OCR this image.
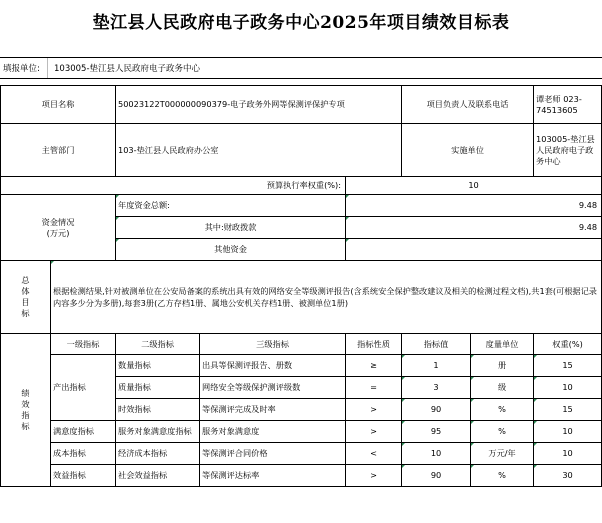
垫江县人民政府电子政务中心2025年项目绩效目标表
填报单位: 103005-垫江县人民政府电子政务中心
项目名称		50023122T000000090379-电子政务外网等保测评保护专项			项目负责人及联系电话		谭老师 023-74513605
主管部门		103-垫江县人民政府办公室			实施单位		103005-垫江县人民政府电子政务中心
预算执行率权重(%):				10			

资金情况
(万元)		年度资金总额:		9.48			
		其中:财政拨款		9.48			
		其他资金					

总
体
目
标	根据检测结果,针对被测单位在公安局备案的系统出具有效的网络安全等级测评报告(含系统安全保护整改建议及相关的检测过程文档),共1套(可根据记录内容多少分为多册),每套3册(乙方存档1册、属地公安机关存档1册、被测单位1册)						

绩
效
指
标	一级指标	二级指标	三级指标	指标性质	指标值	度量单位	权重(%)
	产出指标	数量指标	出具等保测评报告、册数	≥	1	册	15
		质量指标	网络安全等级保护测评级数	=	3	级	10
		时效指标	等保测评完成及时率	>	90	%	15
	满意度指标	服务对象满意度指标	服务对象满意度	>	95	%	10
	成本指标	经济成本指标	等保测评合同价格	<	10	万元/年	10
	效益指标	社会效益指标	等保测评达标率	>	90	%	30
